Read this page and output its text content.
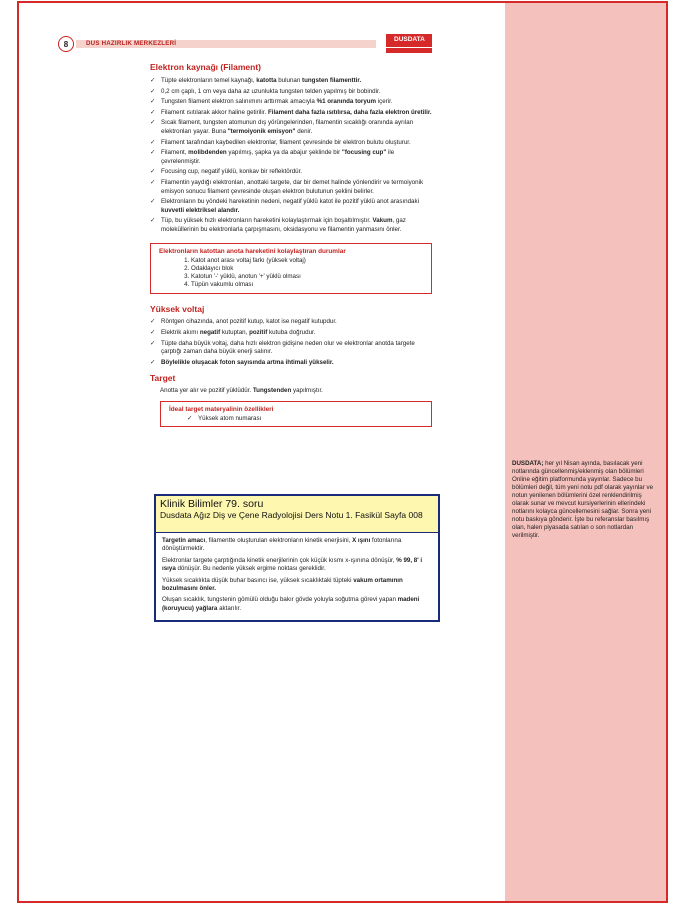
8	DUS HAZIRLIK MERKEZLERİ
DUSDATA
Elektron kaynağı (Filament)
✓ Tüpte elektronların temel kaynağı, katotta bulunan tungsten filamenttir.
✓ 0,2 cm çaplı, 1 cm veya daha az uzunlukta tungsten telden yapılmış bir bobindir.
✓ Tungsten filament elektron salınımını arttırmak amacıyla %1 oranında toryum içerir.
✓ Filament ısıtılarak akkor haline getirilir. Filament daha fazla ısıtılırsa, daha fazla elektron üretilir.
✓ Sıcak filament, tungsten atomunun dış yörüngelerinden, filamentin sıcaklığı oranında ayrılan elektronları yayar. Buna "termoiyonik emisyon" denir.
✓ Filament tarafından kaybedilen elektronlar, filament çevresinde bir elektron bulutu oluşturur.
✓ Filament, molibdenden yapılmış, şapka ya da abajur şeklinde bir "focusing cup" ile çevrelenmiştir.
✓ Focusing cup, negatif yüklü, konkav bir reflektördür.
✓ Filamentin yaydığı elektronları, anottaki targete, dar bir demet halinde yönlendirir ve termoiyonik emisyon sonucu filament çevresinde oluşan elektron bulutunun şeklini belirler.
✓ Elektronların bu yöndeki hareketinin nedeni, negatif yüklü katot ile pozitif yüklü anot arasındaki kuvvetli elektriksel alandır.
✓ Tüp, bu yüksek hızlı elektronların hareketini kolaylaştırmak için boşaltılmıştır. Vakum, gaz moleküllerinin bu elektronlarla çarpışmasını, oksidasyonu ve filamentin yanmasını önler.
Elektronların katottan anota hareketini kolaylaştıran durumlar
1. Katot anot arası voltaj farkı (yüksek voltaj)
2. Odaklayıcı blok
3. Katotun '-' yüklü, anotun '+' yüklü olması
4. Tüpün vakumlu olması
Yüksek voltaj
✓ Röntgen cihazında, anot pozitif kutup, katot ise negatif kutupdur.
✓ Elektrik akımı negatif kutuptan, pozitif kutuba doğrudur.
✓ Tüpte daha büyük voltaj, daha hızlı elektron gidişine neden olur ve elektronlar anotda targete çarptığı zaman daha büyük enerji salınır.
✓ Böylelikle oluşacak foton sayısında artma ihtimali yükselir.
Target

Anotta yer alır ve pozitif yüklüdür. Tungstenden yapılmıştır.

İdeal target materyalinin özellikleri
✓ Yüksek atom numarası
Klinik Bilimler 79. soru
Dusdata Ağız Diş ve Çene Radyolojisi Ders Notu 1. Fasikül Sayfa 008

Targetin amacı, filamentte oluşturulan elektronların kinetik enerjisini, X ışını fotonlarına dönüştürmektir.

Elektronlar targete çarptığında kinetik enerjilerinin çok küçük kısmı x-ışınına dönüşür, % 99, 8' i ısıya dönüşür. Bu nedenle yüksek ergime noktası gereklidir.

Yüksek sıcaklıkta düşük buhar basıncı ise, yüksek sıcaklıktaki tüpteki vakum ortamının bozulmasını önler.

Oluşan sıcaklık, tungstenin gömülü olduğu bakır gövde yoluyla soğutma görevi yapan madeni (koruyucu) yağlara aktarılır.

DUSDATA; her yıl Nisan ayında, basılacak yeni notlarında güncellenmiş/eklenmiş olan bölümleri Online eğitim platformunda yayınlar. Sadece bu bölümleri değil, tüm yeni notu pdf olarak yayınlar ve notun yenilenen bölümlerini özel renklendirilmiş olarak sunar ve mevcut kursiyerlerinin ellerindeki notlarını kolayca güncellemesini sağlar. Sonra yeni notu baskıya gönderir. İşte bu referanslar basılmış olan, halen piyasada satılan o son notlardan verilmiştir.
